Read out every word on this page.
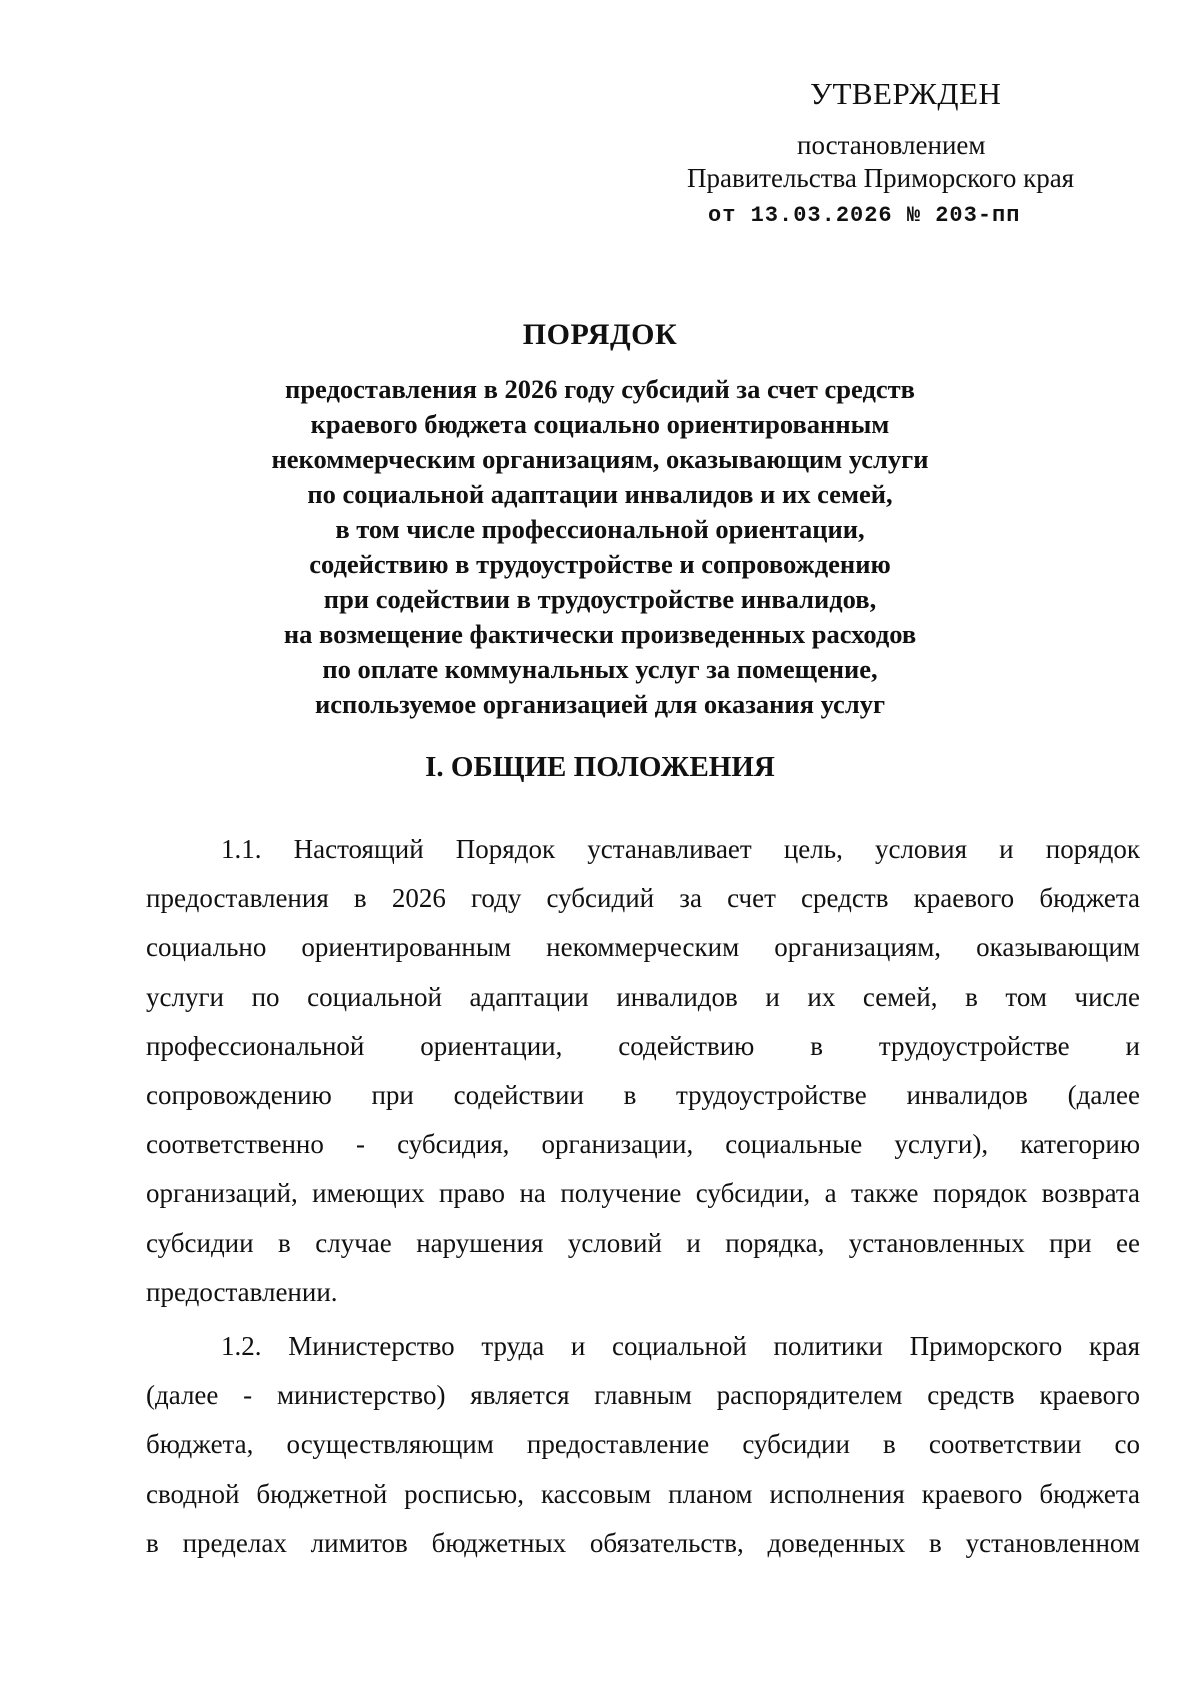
УТВЕРЖДЕН
постановлением
Правительства Приморского края
от 13.03.2026 № 203-пп
ПОРЯДОК
предоставления в 2026 году субсидий за счет средств
краевого бюджета социально ориентированным
некоммерческим организациям, оказывающим услуги
по социальной адаптации инвалидов и их семей,
в том числе профессиональной ориентации,
содействию в трудоустройстве и сопровождению
при содействии в трудоустройстве инвалидов,
на возмещение фактически произведенных расходов
по оплате коммунальных услуг за помещение,
используемое организацией для оказания услуг
I. ОБЩИЕ ПОЛОЖЕНИЯ
1.1. Настоящий Порядок устанавливает цель, условия и порядок
предоставления в 2026 году субсидий за счет средств краевого бюджета
социально ориентированным некоммерческим организациям, оказывающим
услуги по социальной адаптации инвалидов и их семей, в том числе
профессиональной ориентации, содействию в трудоустройстве и
сопровождению при содействии в трудоустройстве инвалидов (далее
соответственно - субсидия, организации, социальные услуги), категорию
организаций, имеющих право на получение субсидии, а также порядок возврата
субсидии в случае нарушения условий и порядка, установленных при ее
предоставлении.
1.2. Министерство труда и социальной политики Приморского края
(далее - министерство) является главным распорядителем средств краевого
бюджета, осуществляющим предоставление субсидии в соответствии со
сводной бюджетной росписью, кассовым планом исполнения краевого бюджета
в пределах лимитов бюджетных обязательств, доведенных в установленном
